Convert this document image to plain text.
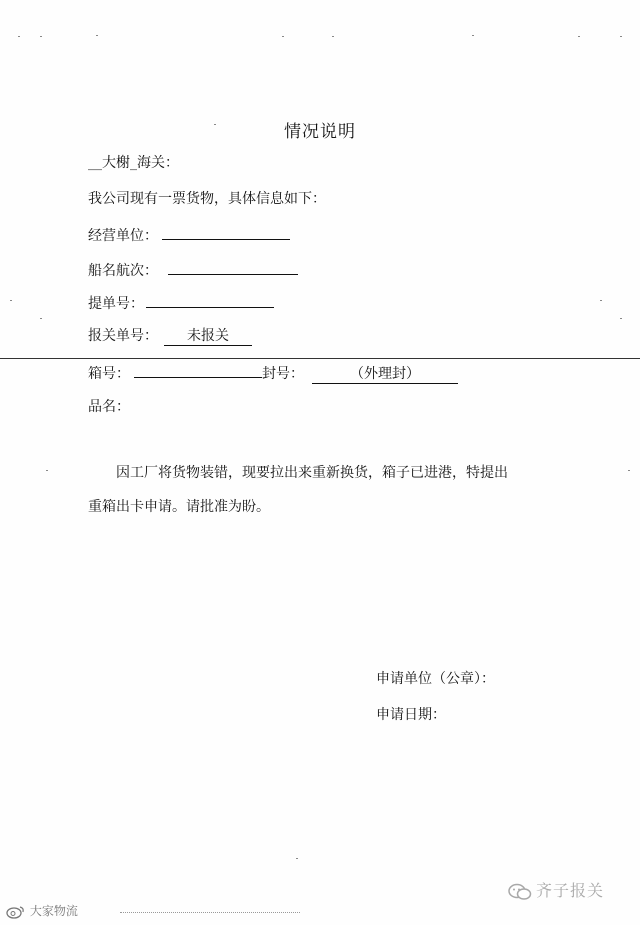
情况说明
__大榭_海关：
我公司现有一票货物，具体信息如下：
经营单位：
船名航次：
提单号：
报关单号： 未报关
箱号：	封号：	（外理封）
品名：
因工厂将货物装错，现要拉出来重新换货，箱子已进港，特提出
重箱出卡申请。请批准为盼。
申请单位（公章）：
申请日期：
齐子报关
大家物流
